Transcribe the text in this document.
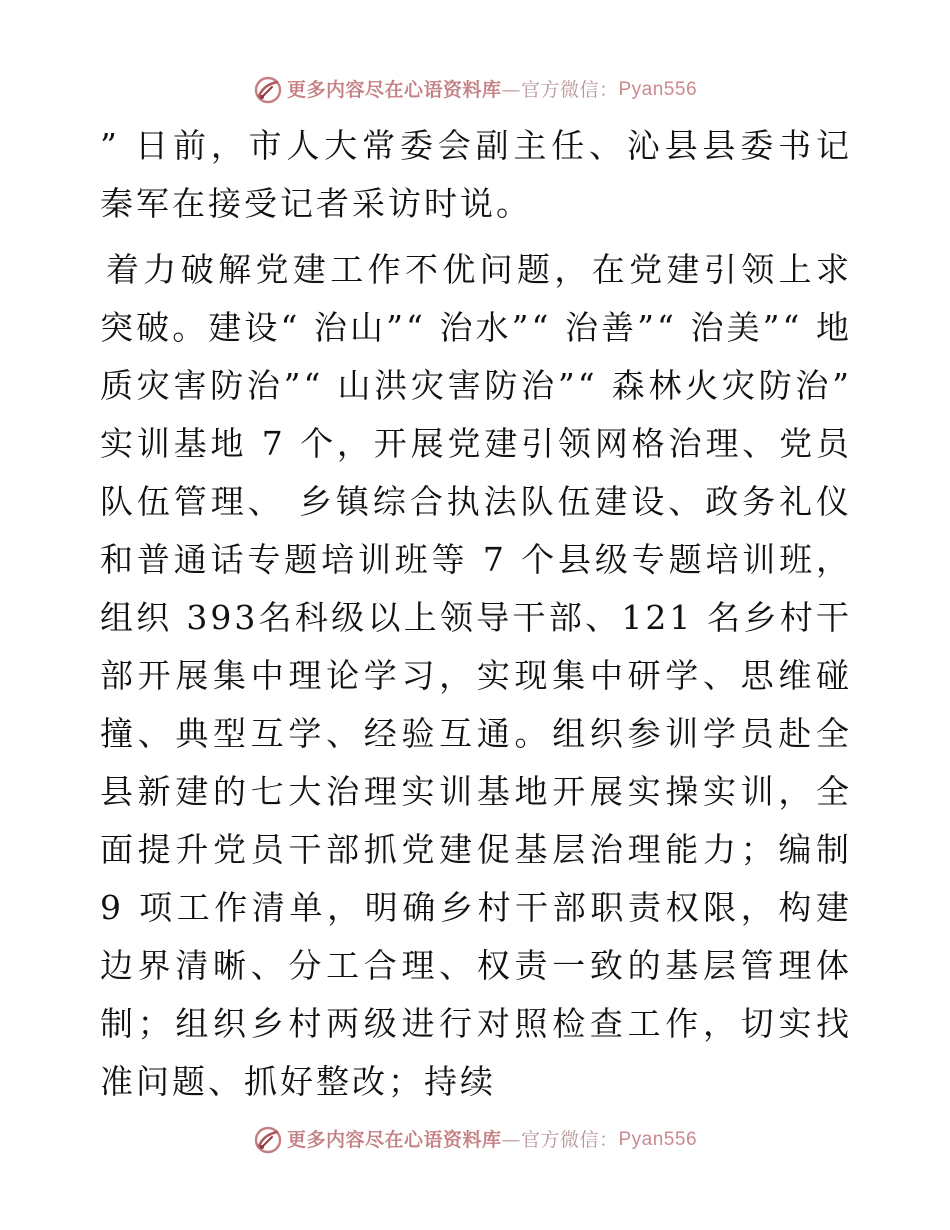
更多内容尽在心语资料库 — 官方微信： Pyan556

” 日前，市人大常委会副主任、沁县县委书记秦军在接受记者采访时说。

着力破解党建工作不优问题，在党建引领上求突破。建设“ 治山”“ 治水”“ 治善”“ 治美”“ 地质灾害防治”“ 山洪灾害防治”“ 森林火灾防治” 实训基地 7 个，开展党建引领网格治理、党员队伍管理、 乡镇综合执法队伍建设、政务礼仪和普通话专题培训班等 7 个县级专题培训班， 组织 393名科级以上领导干部、121 名乡村干部开展集中理论学习，实现集中研学、思维碰撞、典型互学、经验互通。组织参训学员赴全县新建的七大治理实训基地开展实操实训，全面提升党员干部抓党建促基层治理能力；编制 9 项工作清单，明确乡村干部职责权限，构建边界清晰、分工合理、权责一致的基层管理体制；组织乡村两级进行对照检查工作，切实找准问题、抓好整改；持续

更多内容尽在心语资料库 — 官方微信： Pyan556
